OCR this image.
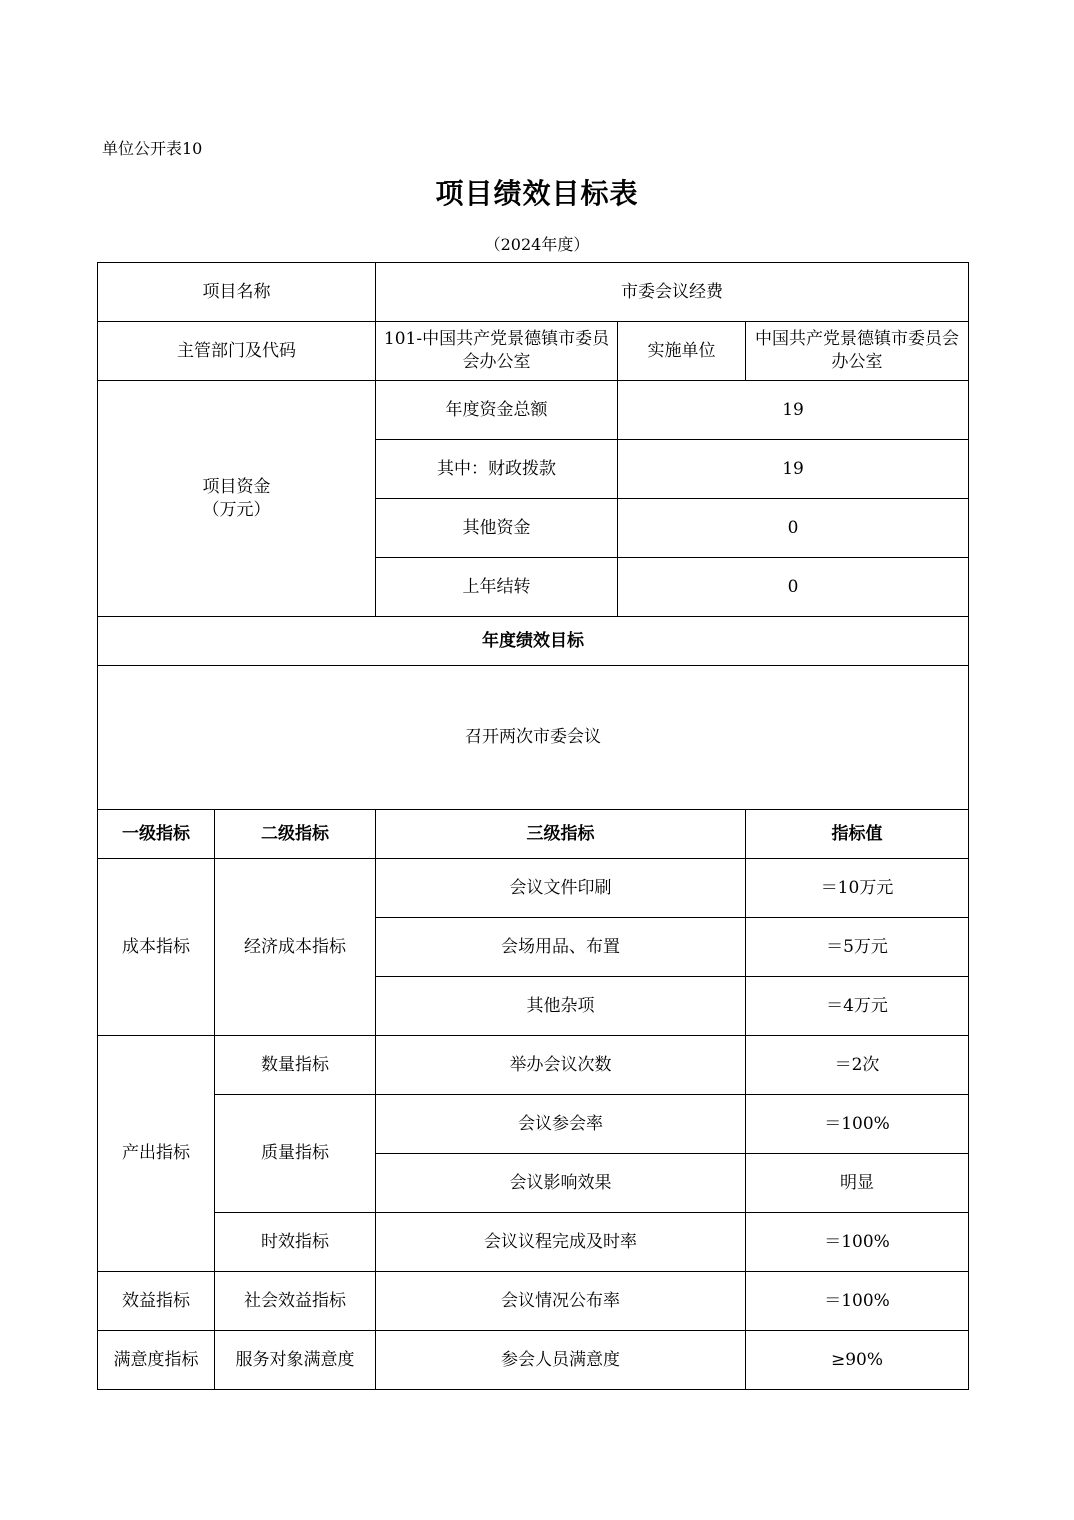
单位公开表10
项目绩效目标表
（2024年度）
项目名称		市委会议经费		
主管部门及代码		101-中国共产党景德镇市委员会办公室	实施单位	中国共产党景德镇市委员会办公室
项目资金
（万元）		年度资金总额	19	
		其中：财政拨款	19	
		其他资金	0	
		上年结转	0	
年度绩效目标				
召开两次市委会议				
一级指标	二级指标	三级指标		指标值
成本指标	经济成本指标	会议文件印刷		＝10万元
		会场用品、布置		＝5万元
		其他杂项		＝4万元
产出指标	数量指标	举办会议次数		＝2次
	质量指标	会议参会率		＝100%
		会议影响效果		明显
	时效指标	会议议程完成及时率		＝100%
效益指标	社会效益指标	会议情况公布率		＝100%
满意度指标	服务对象满意度	参会人员满意度		≥90%
